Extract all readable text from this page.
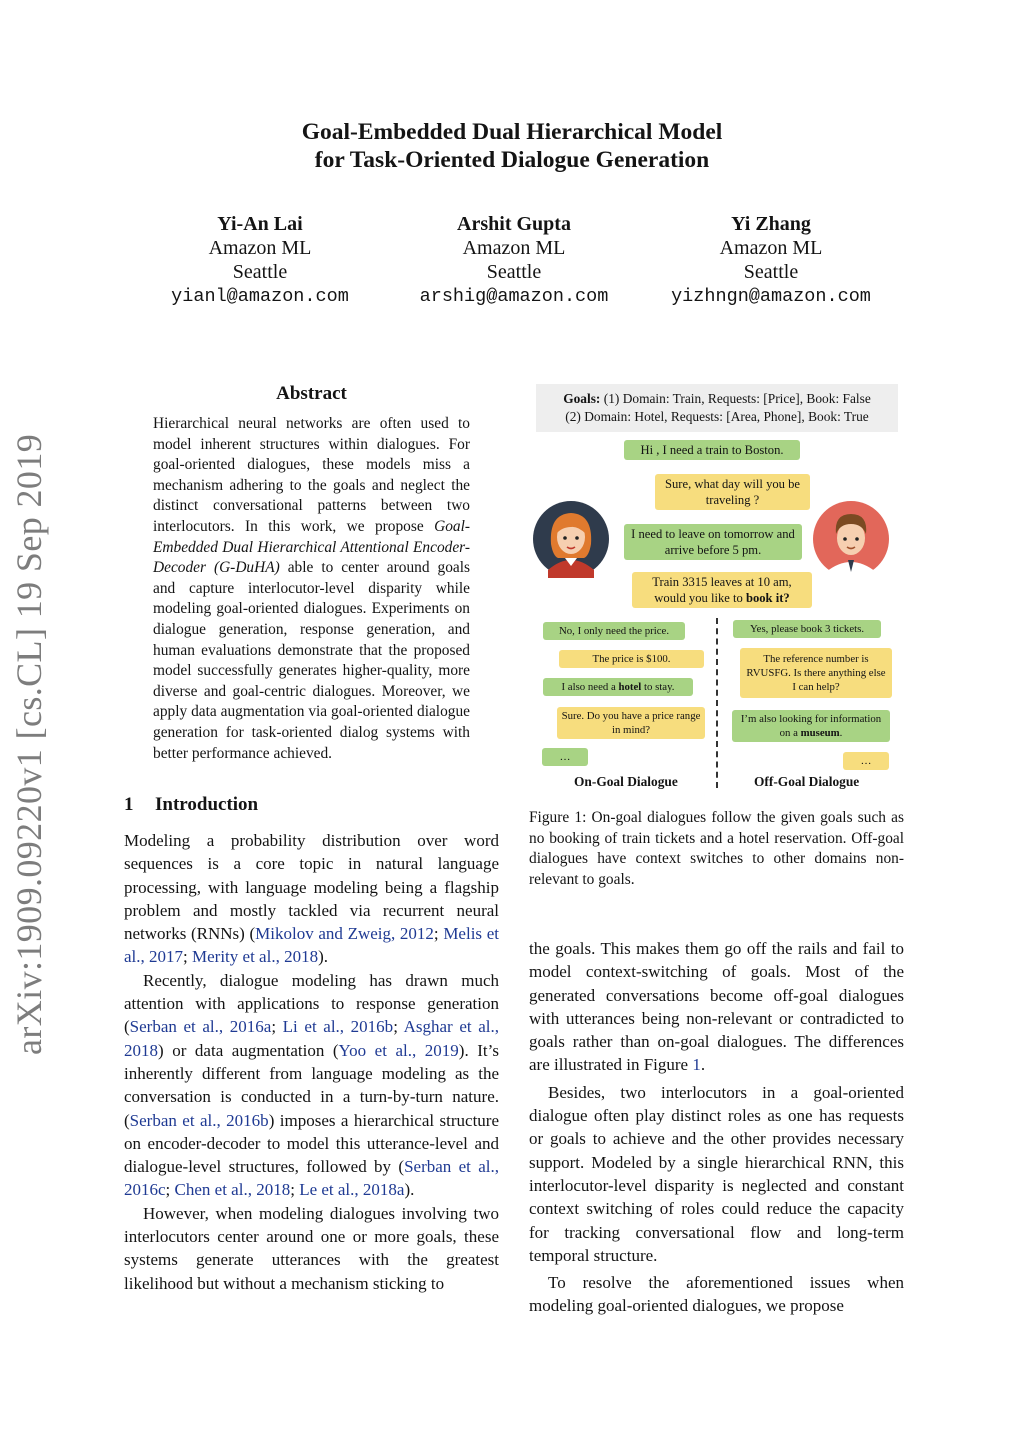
arXiv:1909.09220v1 [cs.CL] 19 Sep 2019
Goal-Embedded Dual Hierarchical Model
for Task-Oriented Dialogue Generation
Yi-An Lai
Amazon ML
Seattle
yianl@amazon.com
Arshit Gupta
Amazon ML
Seattle
arshig@amazon.com
Yi Zhang
Amazon ML
Seattle
yizhngn@amazon.com
Abstract
Hierarchical neural networks are often used to model inherent structures within dialogues. For goal-oriented dialogues, these models miss a mechanism adhering to the goals and neglect the distinct conversational patterns between two interlocutors. In this work, we propose Goal-Embedded Dual Hierarchical Attentional Encoder-Decoder (G-DuHA) able to center around goals and capture interlocutor-level disparity while modeling goal-oriented dialogues. Experiments on dialogue generation, response generation, and human evaluations demonstrate that the proposed model successfully generates higher-quality, more diverse and goal-centric dialogues. Moreover, we apply data augmentation via goal-oriented dialogue generation for task-oriented dialog systems with better performance achieved.
1 Introduction

Modeling a probability distribution over word sequences is a core topic in natural language processing, with language modeling being a flagship problem and mostly tackled via recurrent neural networks (RNNs) (Mikolov and Zweig, 2012; Melis et al., 2017; Merity et al., 2018).

Recently, dialogue modeling has drawn much attention with applications to response generation (Serban et al., 2016a; Li et al., 2016b; Asghar et al., 2018) or data augmentation (Yoo et al., 2019). It’s inherently different from language modeling as the conversation is conducted in a turn-by-turn nature. (Serban et al., 2016b) imposes a hierarchical structure on encoder-decoder to model this utterance-level and dialogue-level structures, followed by (Serban et al., 2016c; Chen et al., 2018; Le et al., 2018a).

However, when modeling dialogues involving two interlocutors center around one or more goals, these systems generate utterances with the greatest likelihood but without a mechanism sticking to

the goals. This makes them go off the rails and fail to model context-switching of goals. Most of the generated conversations become off-goal dialogues with utterances being non-relevant or contradicted to goals rather than on-goal dialogues. The differences are illustrated in Figure 1.

Besides, two interlocutors in a goal-oriented dialogue often play distinct roles as one has requests or goals to achieve and the other provides necessary support. Modeled by a single hierarchical RNN, this interlocutor-level disparity is neglected and constant context switching of roles could reduce the capacity for tracking conversational flow and long-term temporal structure.

To resolve the aforementioned issues when modeling goal-oriented dialogues, we propose

Goals: (1) Domain: Train, Requests: [Price], Book: False
(2) Domain: Hotel, Requests: [Area, Phone], Book: True
Hi , I need a train to Boston.
Sure, what day will you be traveling ?
I need to leave on tomorrow and arrive before 5 pm.
Train 3315 leaves at 10 am, would you like to book it?
No, I only need the price.
The price is $100.
I also need a hotel to stay.
Sure. Do you have a price range in mind?
…
Yes, please book 3 tickets.
The reference number is RVUSFG. Is there anything else I can help?
I’m also looking for information on a museum.
…
On-Goal Dialogue	Off-Goal Dialogue
Figure 1: On-goal dialogues follow the given goals such as no booking of train tickets and a hotel reservation. Off-goal dialogues have context switches to other domains non-relevant to goals.
